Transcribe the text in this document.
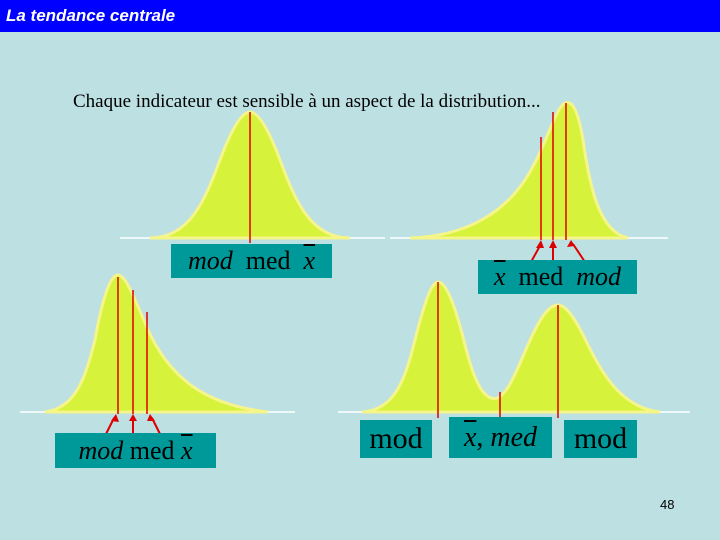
La tendance centrale
Chaque indicateur est sensible à un aspect de la distribution...
mod
med
$\overline{x}$
$\overline{x}$
med
mod
mod
med
$\overline{x}$	mod $\overline{x}$ ,
med mod
48
